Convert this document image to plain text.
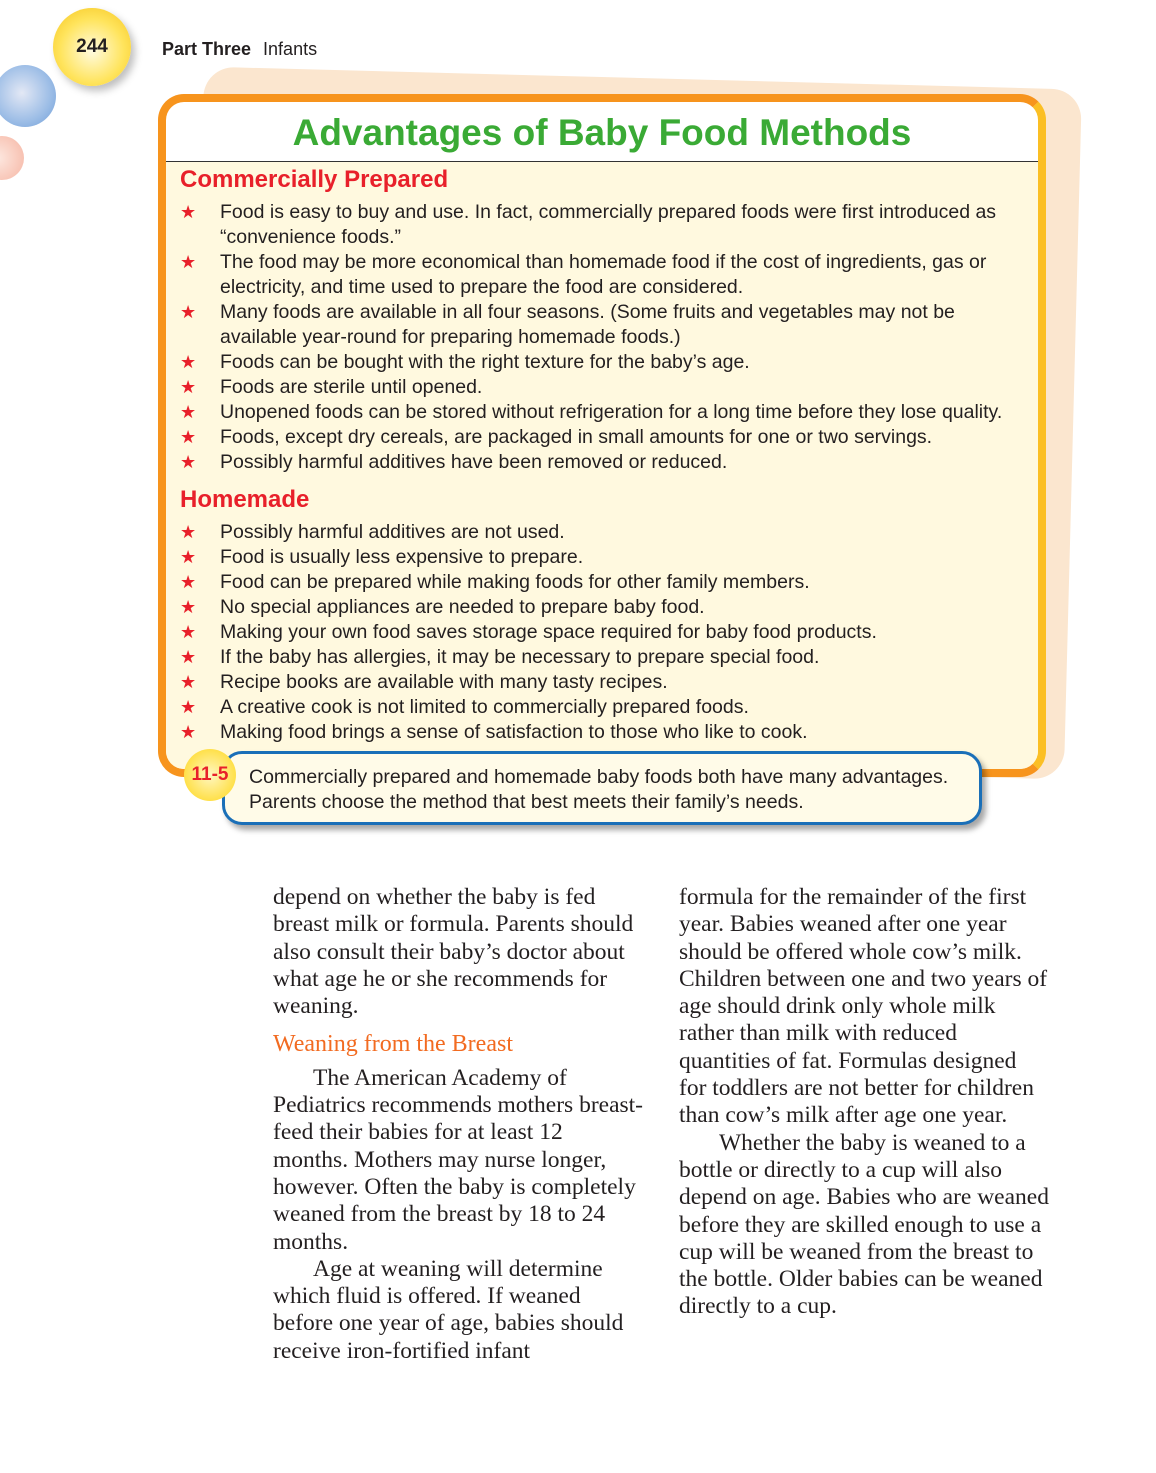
244	Part Three Infants
Advantages of Baby Food Methods
Commercially Prepared
★ Food is easy to buy and use. In fact, commercially prepared foods were first introduced as “convenience foods.”
★ The food may be more economical than homemade food if the cost of ingredients, gas or electricity, and time used to prepare the food are considered.
★ Many foods are available in all four seasons. (Some fruits and vegetables may not be available year-round for preparing homemade foods.)
★ Foods can be bought with the right texture for the baby’s age.
★ Foods are sterile until opened.
★ Unopened foods can be stored without refrigeration for a long time before they lose quality.
★ Foods, except dry cereals, are packaged in small amounts for one or two servings.
★ Possibly harmful additives have been removed or reduced.
Homemade
★ Possibly harmful additives are not used.
★ Food is usually less expensive to prepare.
★ Food can be prepared while making foods for other family members.
★ No special appliances are needed to prepare baby food.
★ Making your own food saves storage space required for baby food products.
★ If the baby has allergies, it may be necessary to prepare special food.
★ Recipe books are available with many tasty recipes.
★ A creative cook is not limited to commercially prepared foods.
★ Making food brings a sense of satisfaction to those who like to cook.
Commercially prepared and homemade baby foods both have many advantages. Parents choose the method that best meets their family’s needs.
11-5

depend on whether the baby is fed breast milk or formula. Parents should also consult their baby’s doctor about what age he or she recommends for weaning.

Weaning from the Breast

The American Academy of Pediatrics recommends mothers breast-feed their babies for at least 12 months. Mothers may nurse longer, however. Often the baby is completely weaned from the breast by 18 to 24 months.

Age at weaning will determine which fluid is offered. If weaned before one year of age, babies should receive iron-fortified infant

formula for the remainder of the first year. Babies weaned after one year should be offered whole cow’s milk. Children between one and two years of age should drink only whole milk rather than milk with reduced quantities of fat. Formulas designed for toddlers are not better for children than cow’s milk after age one year.

Whether the baby is weaned to a bottle or directly to a cup will also depend on age. Babies who are weaned before they are skilled enough to use a cup will be weaned from the breast to the bottle. Older babies can be weaned directly to a cup.
